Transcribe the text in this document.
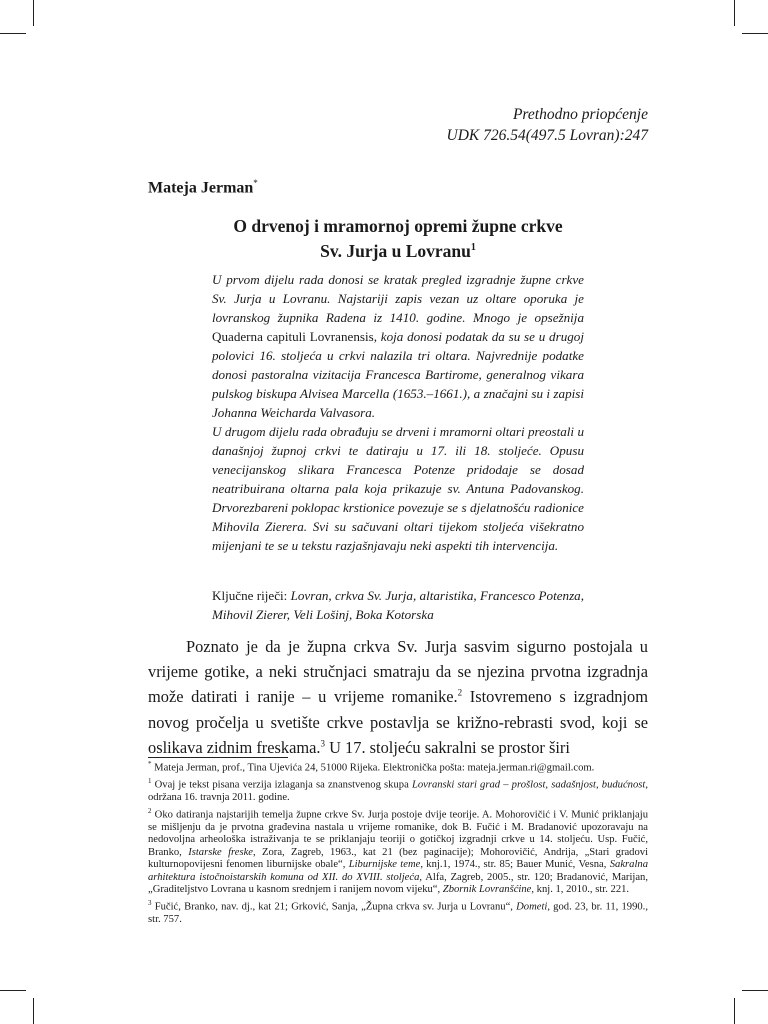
Prethodno priopćenje
UDK 726.54(497.5 Lovran):247
Mateja Jerman*
O drvenoj i mramornoj opremi župne crkve
Sv. Jurja u Lovranu$^1$

U prvom dijelu rada donosi se kratak pregled izgradnje župne crkve Sv. Jurja u Lovranu. Najstariji zapis vezan uz oltare oporuka je lovranskog župnika Radena iz 1410. godine. Mnogo je opsežnija Quaderna capituli Lovranensis, koja donosi podatak da su se u drugoj polovici 16. stoljeća u crkvi nalazila tri oltara. Najvrednije podatke donosi pastoralna vizitacija Francesca Bartirome, generalnog vikara pulskog biskupa Alvisea Marcella (1653.–1661.), a značajni su i zapisi Johanna Weicharda Valvasora.

U drugom dijelu rada obrađuju se drveni i mramorni oltari preostali u današnjoj župnoj crkvi te datiraju u 17. ili 18. stoljeće. Opusu venecijanskog slikara Francesca Potenze pridodaje se dosad neatribuirana oltarna pala koja prikazuje sv. Antuna Padovanskog. Drvorezbareni poklopac krstionice povezuje se s djelatnošću radionice Mihovila Zierera. Svi su sačuvani oltari tijekom stoljeća višekratno mijenjani te se u tekstu razjašnjavaju neki aspekti tih intervencija.

Ključne riječi: Lovran, crkva Sv. Jurja, altaristika, Francesco Potenza, Mihovil Zierer, Veli Lošinj, Boka Kotorska

Poznato je da je župna crkva Sv. Jurja sasvim sigurno postojala u vrijeme gotike, a neki stručnjaci smatraju da se njezina prvotna izgradnja može datirati i ranije – u vrijeme romanike.$^2$ Istovremeno s izgradnjom novog pročelja u svetište crkve postavlja se križno-rebrasti svod, koji se oslikava zidnim freskama.$^3$ U 17. stoljeću sakralni se prostor širi

* Mateja Jerman, prof., Tina Ujevića 24, 51000 Rijeka. Elektronička pošta: mateja.jerman.ri@gmail.com.

$^1$ Ovaj je tekst pisana verzija izlaganja sa znanstvenog skupa Lovranski stari grad – prošlost, sadašnjost, budućnost, održana 16. travnja 2011. godine.

$^2$ Oko datiranja najstarijih temelja župne crkve Sv. Jurja postoje dvije teorije. A. Mohorovičić i V. Munić priklanjaju se mišljenju da je prvotna građevina nastala u vrijeme romanike, dok B. Fučić i M. Bradanović upozoravaju na nedovoljna arheološka istraživanja te se priklanjaju teoriji o gotičkoj izgradnji crkve u 14. stoljeću. Usp. Fučić, Branko, Istarske freske, Zora, Zagreb, 1963., kat 21 (bez paginacije); Mohorovičić, Andrija, „Stari gradovi kulturnopovijesni fenomen liburnijske obale“, Liburnijske teme, knj.1, 1974., str. 85; Bauer Munić, Vesna, Sakralna arhitektura istočnoistarskih komuna od XII. do XVIII. stoljeća, Alfa, Zagreb, 2005., str. 120; Bradanović, Marijan, „Graditeljstvo Lovrana u kasnom srednjem i ranijem novom vijeku“, Zbornik Lovranšćine, knj. 1, 2010., str. 221.

$^3$ Fučić, Branko, nav. dj., kat 21; Grković, Sanja, „Župna crkva sv. Jurja u Lovranu“, Dometi, god. 23, br. 11, 1990., str. 757.
